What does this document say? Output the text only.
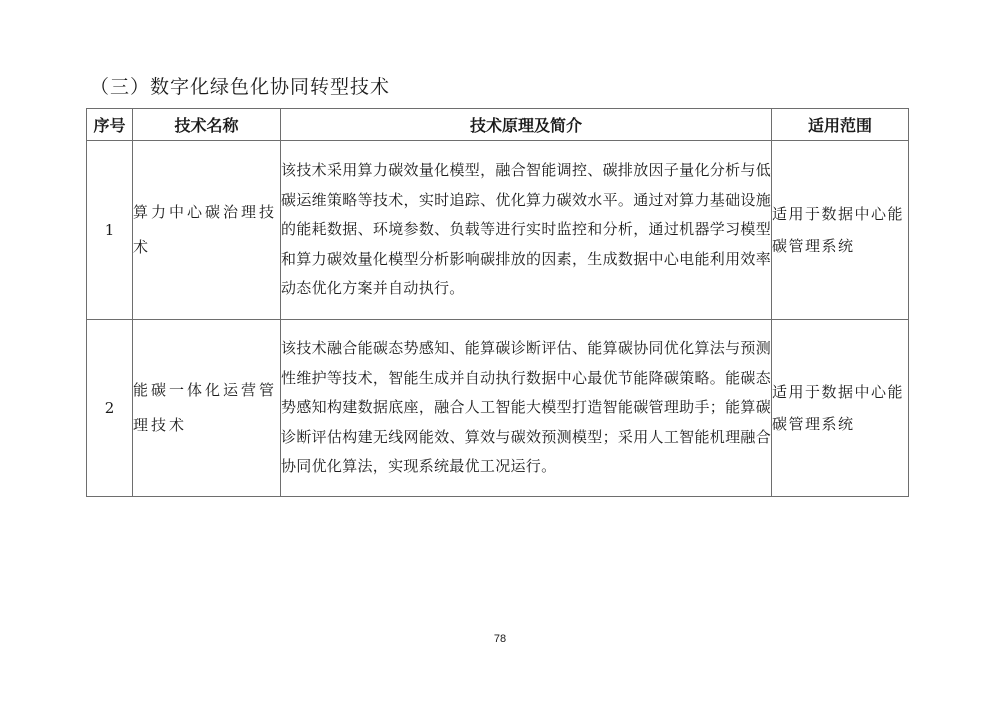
（三）数字化绿色化协同转型技术
序号	技术名称	技术原理及简介	适用范围
1	算力中心碳治理技术	该技术采用算力碳效量化模型，融合智能调控、碳排放因子量化分析与低碳运维策略等技术，实时追踪、优化算力碳效水平。通过对算力基础设施的能耗数据、环境参数、负载等进行实时监控和分析，通过机器学习模型和算力碳效量化模型分析影响碳排放的因素，生成数据中心电能利用效率动态优化方案并自动执行。	适用于数据中心能碳管理系统
2	能碳一体化运营管理技术	该技术融合能碳态势感知、能算碳诊断评估、能算碳协同优化算法与预测性维护等技术，智能生成并自动执行数据中心最优节能降碳策略。能碳态势感知构建数据底座，融合人工智能大模型打造智能碳管理助手；能算碳诊断评估构建无线网能效、算效与碳效预测模型；采用人工智能机理融合协同优化算法，实现系统最优工况运行。	适用于数据中心能碳管理系统
78
